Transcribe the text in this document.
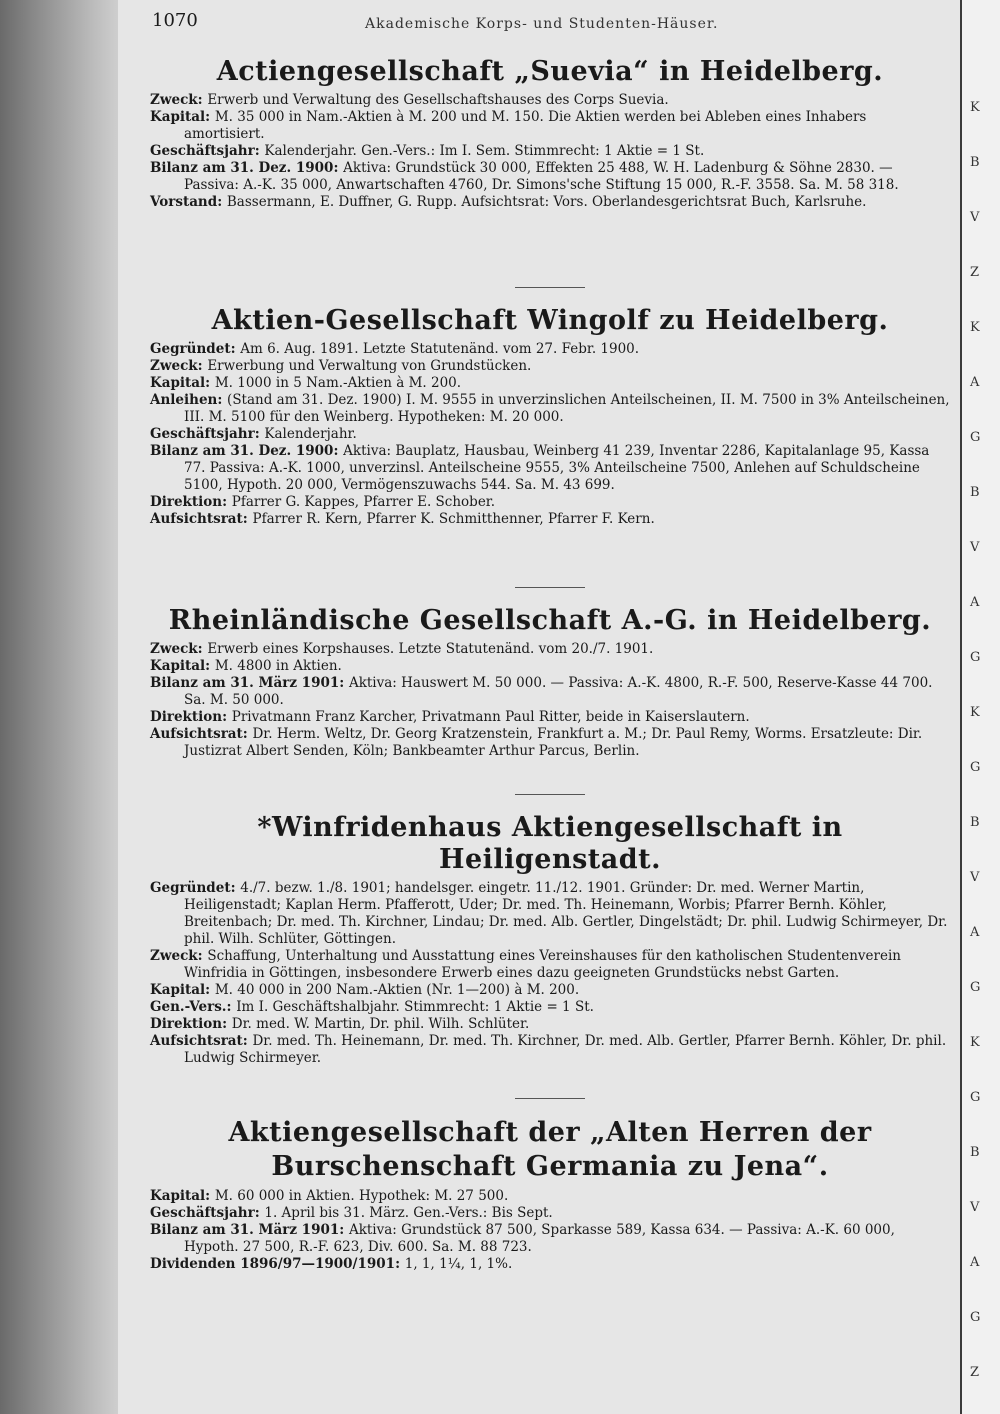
K
B
V
Z
K
A
G
B
V
A
G
K
G
B
V
A
G
K
G
B
V
A
G
Z
1070	Akademische Korps- und Studenten-Häuser.
Actiengesellschaft „Suevia“ in Heidelberg.

Zweck: Erwerb und Verwaltung des Gesellschaftshauses des Corps Suevia.

Kapital: M. 35 000 in Nam.-Aktien à M. 200 und M. 150. Die Aktien werden bei Ableben eines Inhabers amortisiert.

Geschäftsjahr: Kalenderjahr. Gen.-Vers.: Im I. Sem. Stimmrecht: 1 Aktie = 1 St.

Bilanz am 31. Dez. 1900: Aktiva: Grundstück 30 000, Effekten 25 488, W. H. Ladenburg & Söhne 2830. — Passiva: A.-K. 35 000, Anwartschaften 4760, Dr. Simons'sche Stiftung 15 000, R.-F. 3558. Sa. M. 58 318.

Vorstand: Bassermann, E. Duffner, G. Rupp. Aufsichtsrat: Vors. Oberlandesgerichtsrat Buch, Karlsruhe.

Aktien-Gesellschaft Wingolf zu Heidelberg.

Gegründet: Am 6. Aug. 1891. Letzte Statutenänd. vom 27. Febr. 1900.

Zweck: Erwerbung und Verwaltung von Grundstücken.

Kapital: M. 1000 in 5 Nam.-Aktien à M. 200.

Anleihen: (Stand am 31. Dez. 1900) I. M. 9555 in unverzinslichen Anteilscheinen, II. M. 7500 in 3% Anteilscheinen, III. M. 5100 für den Weinberg. Hypotheken: M. 20 000.

Geschäftsjahr: Kalenderjahr.

Bilanz am 31. Dez. 1900: Aktiva: Bauplatz, Hausbau, Weinberg 41 239, Inventar 2286, Kapitalanlage 95, Kassa 77. Passiva: A.-K. 1000, unverzinsl. Anteilscheine 9555, 3% Anteilscheine 7500, Anlehen auf Schuldscheine 5100, Hypoth. 20 000, Vermögenszuwachs 544. Sa. M. 43 699.

Direktion: Pfarrer G. Kappes, Pfarrer E. Schober.

Aufsichtsrat: Pfarrer R. Kern, Pfarrer K. Schmitthenner, Pfarrer F. Kern.

Rheinländische Gesellschaft A.-G. in Heidelberg.

Zweck: Erwerb eines Korpshauses. Letzte Statutenänd. vom 20./7. 1901.

Kapital: M. 4800 in Aktien.

Bilanz am 31. März 1901: Aktiva: Hauswert M. 50 000. — Passiva: A.-K. 4800, R.-F. 500, Reserve-Kasse 44 700. Sa. M. 50 000.

Direktion: Privatmann Franz Karcher, Privatmann Paul Ritter, beide in Kaiserslautern.

Aufsichtsrat: Dr. Herm. Weltz, Dr. Georg Kratzenstein, Frankfurt a. M.; Dr. Paul Remy, Worms. Ersatzleute: Dir. Justizrat Albert Senden, Köln; Bankbeamter Arthur Parcus, Berlin.

*Winfridenhaus Aktiengesellschaft in Heiligenstadt.

Gegründet: 4./7. bezw. 1./8. 1901; handelsger. eingetr. 11./12. 1901. Gründer: Dr. med. Werner Martin, Heiligenstadt; Kaplan Herm. Pfafferott, Uder; Dr. med. Th. Heinemann, Worbis; Pfarrer Bernh. Köhler, Breitenbach; Dr. med. Th. Kirchner, Lindau; Dr. med. Alb. Gertler, Dingelstädt; Dr. phil. Ludwig Schirmeyer, Dr. phil. Wilh. Schlüter, Göttingen.

Zweck: Schaffung, Unterhaltung und Ausstattung eines Vereinshauses für den katholischen Studentenverein Winfridia in Göttingen, insbesondere Erwerb eines dazu geeigneten Grundstücks nebst Garten.

Kapital: M. 40 000 in 200 Nam.-Aktien (Nr. 1—200) à M. 200.

Gen.-Vers.: Im I. Geschäftshalbjahr. Stimmrecht: 1 Aktie = 1 St.

Direktion: Dr. med. W. Martin, Dr. phil. Wilh. Schlüter.

Aufsichtsrat: Dr. med. Th. Heinemann, Dr. med. Th. Kirchner, Dr. med. Alb. Gertler, Pfarrer Bernh. Köhler, Dr. phil. Ludwig Schirmeyer.

Aktiengesellschaft der „Alten Herren der Burschenschaft Germania zu Jena“.

Kapital: M. 60 000 in Aktien. Hypothek: M. 27 500.

Geschäftsjahr: 1. April bis 31. März. Gen.-Vers.: Bis Sept.

Bilanz am 31. März 1901: Aktiva: Grundstück 87 500, Sparkasse 589, Kassa 634. — Passiva: A.-K. 60 000, Hypoth. 27 500, R.-F. 623, Div. 600. Sa. M. 88 723.

Dividenden 1896/97—1900/1901: 1, 1, 1¼, 1, 1%.
